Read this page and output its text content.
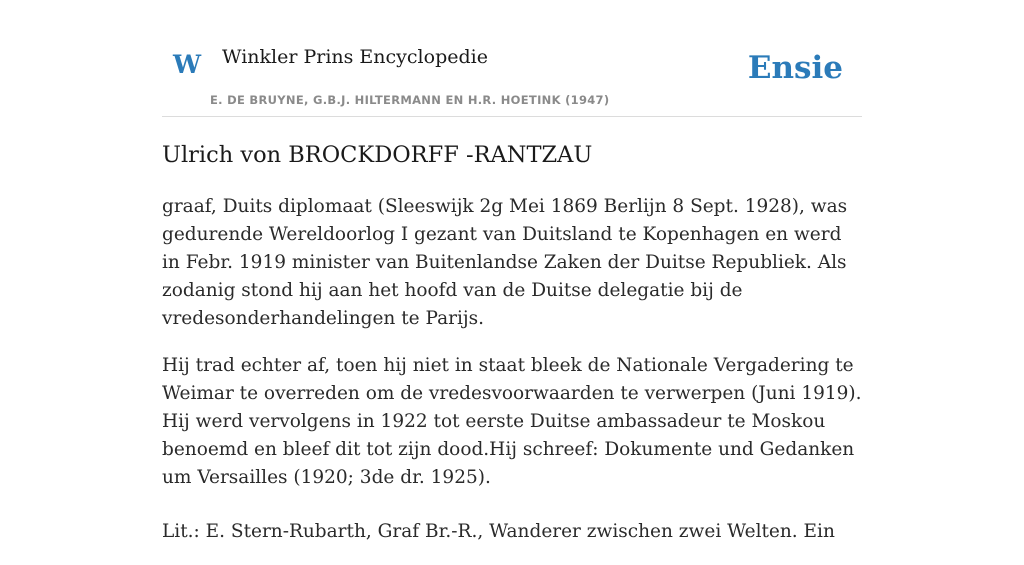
W Winkler Prins Encyclopedie
E. DE BRUYNE, G.B.J. HILTERMANN EN H.R. HOETINK (1947)
Ensie
Ulrich von BROCKDORFF -RANTZAU

graaf, Duits diplomaat (Sleeswijk 2g Mei 1869 Berlijn 8 Sept. 1928), was gedurende Wereldoorlog I gezant van Duitsland te Kopenhagen en werd in Febr. 1919 minister van Buitenlandse Zaken der Duitse Republiek. Als zodanig stond hij aan het hoofd van de Duitse delegatie bij de vredesonderhandelingen te Parijs.

Hij trad echter af, toen hij niet in staat bleek de Nationale Vergadering te Weimar te overreden om de vredesvoorwaarden te verwerpen (Juni 1919). Hij werd vervolgens in 1922 tot eerste Duitse ambassadeur te Moskou benoemd en bleef dit tot zijn dood.Hij schreef: Dokumente und Gedanken um Versailles (1920; 3de dr. 1925).

Lit.: E. Stern-Rubarth, Graf Br.-R., Wanderer zwischen zwei Welten. Ein
